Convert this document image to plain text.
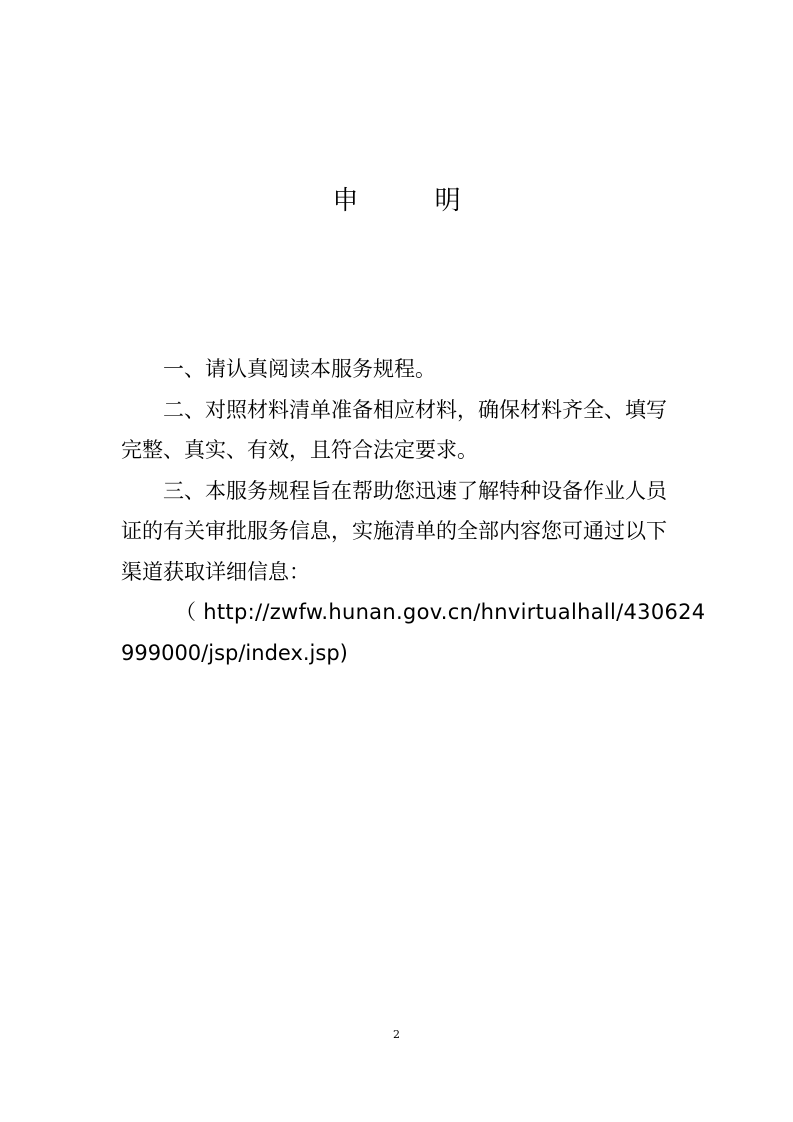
申 明
一、请认真阅读本服务规程。
二、对照材料清单准备相应材料，确保材料齐全、填写
完整、真实、有效，且符合法定要求。
三、本服务规程旨在帮助您迅速了解特种设备作业人员
证的有关审批服务信息，实施清单的全部内容您可通过以下
渠道获取详细信息：
（ http://zwfw.hunan.gov.cn/hnvirtualhall/430624
999000/jsp/index.jsp)
2
